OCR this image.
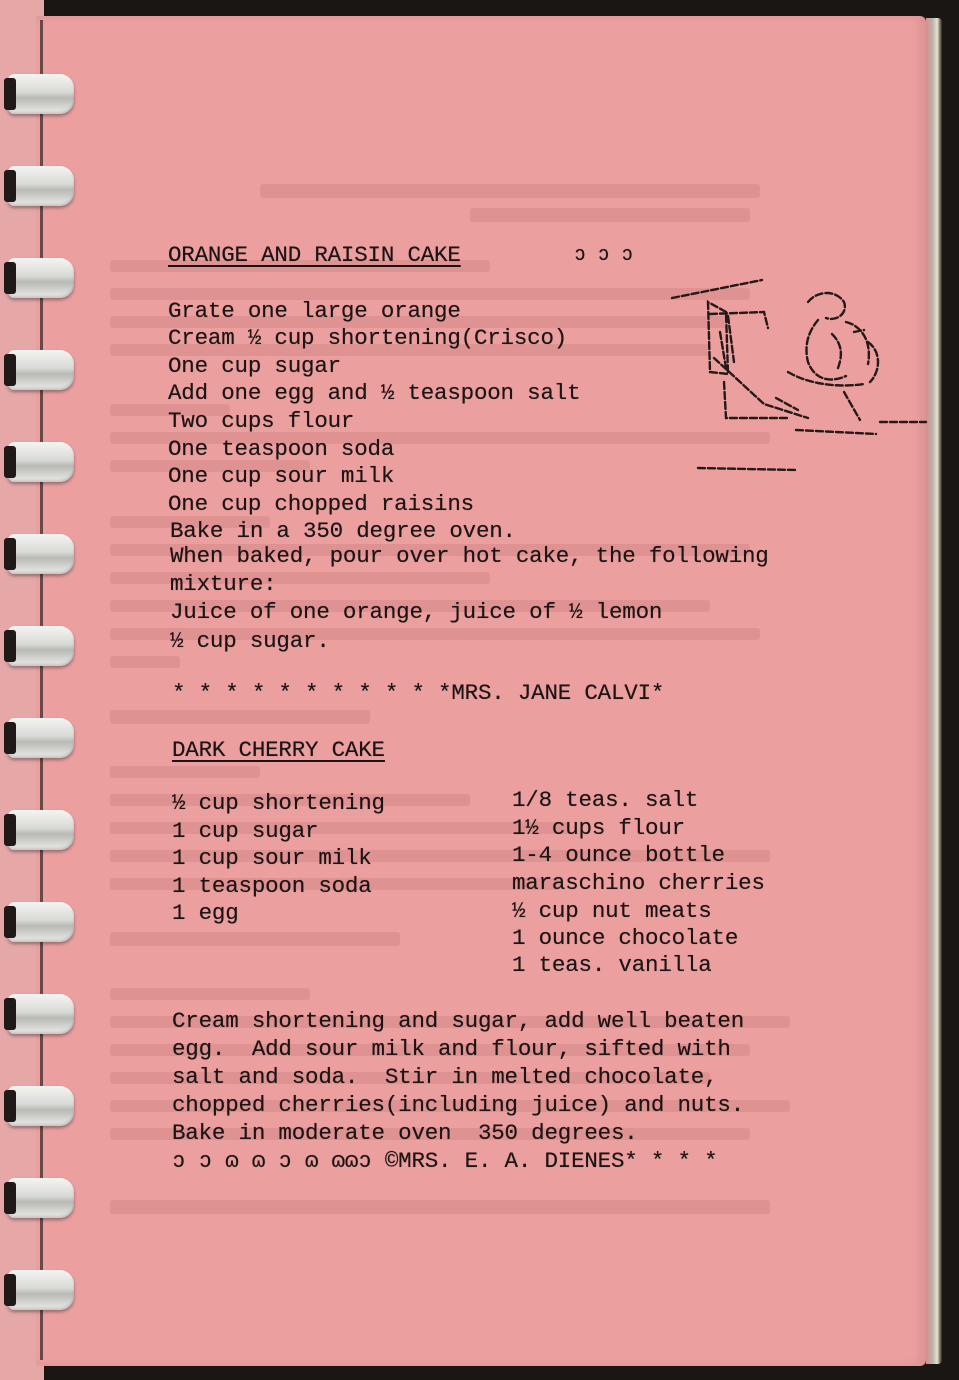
ORANGE AND RAISIN CAKE	ↄ ↄ ↄ
Grate one large orange
Cream ½ cup shortening(Crisco)
One cup sugar
Add one egg and ½ teaspoon salt
Two cups flour
One teaspoon soda
One cup sour milk
One cup chopped raisins
Bake in a 350 degree oven.
When baked, pour over hot cake, the following
mixture:
Juice of one orange, juice of ½ lemon
½ cup sugar.
* * * * * * * * * * *MRS. JANE CALVI*
DARK CHERRY CAKE
½ cup shortening
1 cup sugar
1 cup sour milk
1 teaspoon soda
1 egg
1/8 teas. salt
1½ cups flour
1-4 ounce bottle
maraschino cherries
½ cup nut meats
1 ounce chocolate
1 teas. vanilla
Cream shortening and sugar, add well beaten
egg.  Add sour milk and flour, sifted with
salt and soda.  Stir in melted chocolate,
chopped cherries(including juice) and nuts.
Bake in moderate oven  350 degrees.
ↄ ↄ ɷ ɷ ↄ ɷ ɷɷↄ ©MRS. E. A. DIENES* * * *
